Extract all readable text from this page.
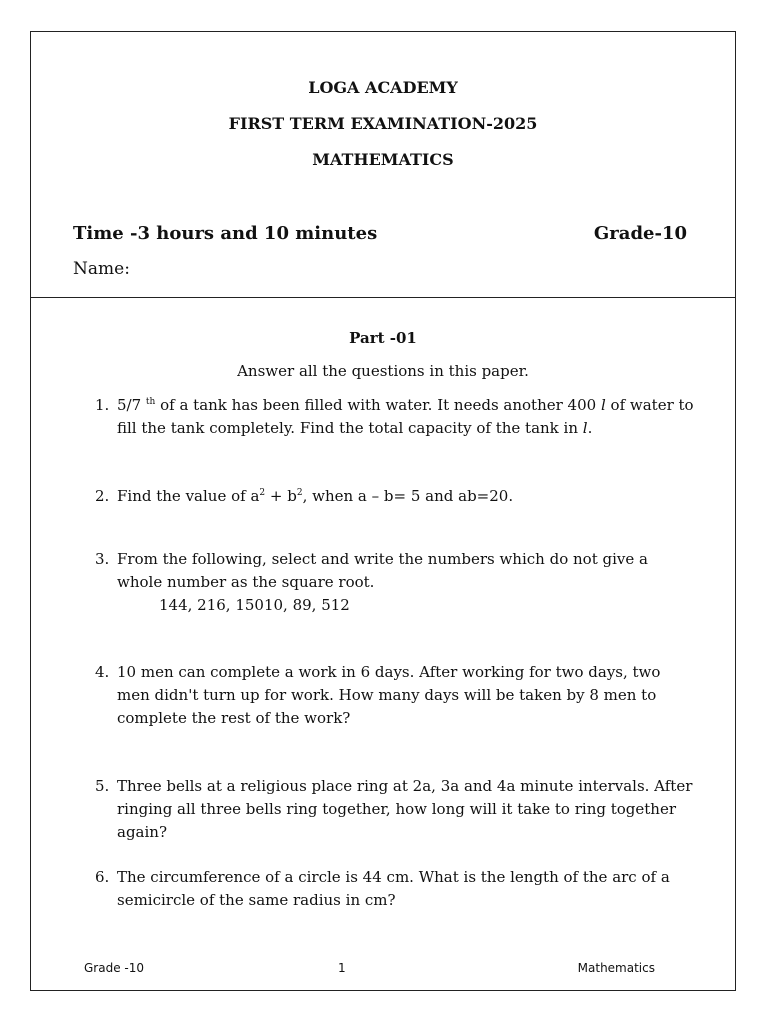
LOGA ACADEMY
FIRST TERM EXAMINATION-2025
MATHEMATICS
Time -3 hours and 10 minutes	Grade-10
Name:
Part -01
Answer all the questions in this paper.
1. 5/7 $^{th}$ of a tank has been filled with water. It needs another 400 l of water to fill the tank completely. Find the total capacity of the tank in l.
2. Find the value of $a^2 + b^2$, when a – b= 5 and ab=20.
3. From the following, select and write the numbers which do not give a whole number as the square root.
144, 216, 15010, 89, 512
4. 10 men can complete a work in 6 days. After working for two days, two men didn't turn up for work. How many days will be taken by 8 men to complete the rest of the work?
5. Three bells at a religious place ring at 2a, 3a and 4a minute intervals. After ringing all three bells ring together, how long will it take to ring together again?
6. The circumference of a circle is 44 cm. What is the length of the arc of a semicircle of the same radius in cm?
Grade -10	1	Mathematics
